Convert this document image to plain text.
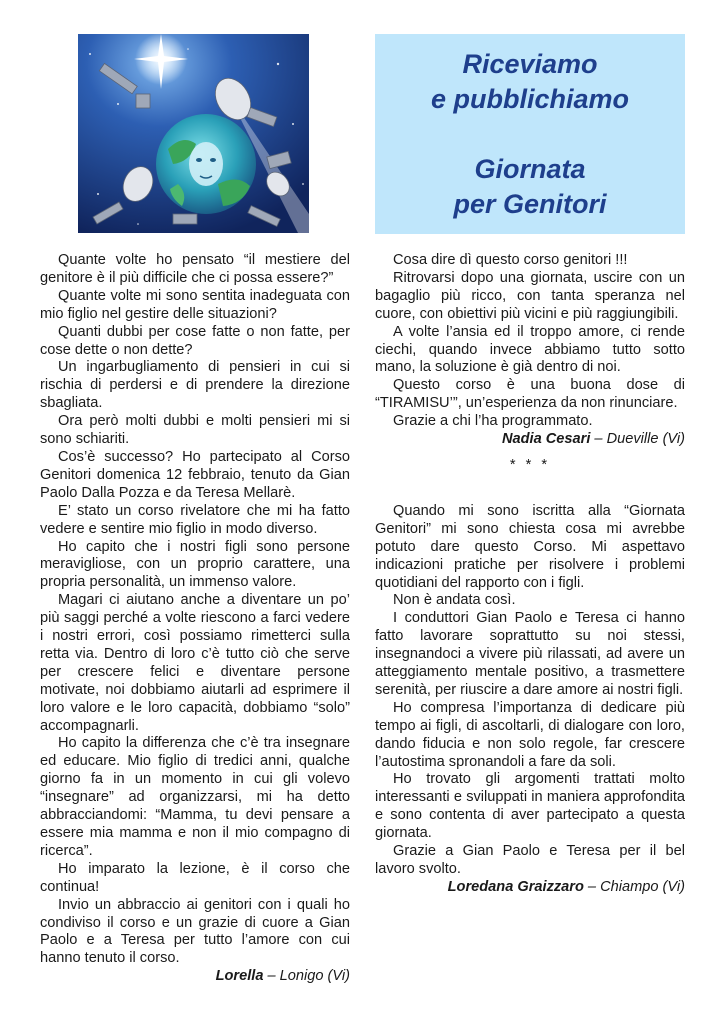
Riceviamo
e pubblichiamo
Giornata
per Genitori

Quante volte ho pensato “il mestiere del genitore è il più difficile che ci possa essere?”

Quante volte mi sono sentita inadeguata con mio figlio nel gestire delle situazioni?

Quanti dubbi per cose fatte o non fatte, per cose dette o non dette?

Un ingarbugliamento di pensieri in cui si rischia di perdersi e di prendere la direzione sbagliata.

Ora però molti dubbi e molti pensieri mi si sono schiariti.

Cos’è successo? Ho partecipato al Corso Genitori domenica 12 febbraio, tenuto da Gian Paolo Dalla Pozza e da Teresa Mellarè.

E’ stato un corso rivelatore che mi ha fatto vedere e sentire mio figlio in modo diverso.

Ho capito che i nostri figli sono persone meravigliose, con un proprio carattere, una propria personalità, un immenso valore.

Magari ci aiutano anche a diventare un po’ più saggi perché a volte riescono a farci vedere i nostri errori, così possiamo rimetterci sulla retta via. Dentro di loro c’è tutto ciò che serve per crescere felici e diventare persone motivate, noi dobbiamo aiutarli ad esprimere il loro valore e le loro capacità, dobbiamo “solo” accompagnarli.

Ho capito la differenza che c’è tra insegnare ed educare. Mio figlio di tredici anni, qualche giorno fa in un momento in cui gli volevo “insegnare” ad organizzarsi, mi ha detto abbracciandomi: “Mamma, tu devi pensare a essere mia mamma e non il mio compagno di ricerca”.

Ho imparato la lezione, è il corso che continua!

Invio un abbraccio ai genitori con i quali ho condiviso il corso e un grazie di cuore a Gian Paolo e a Teresa per tutto l’amore con cui hanno tenuto il corso.

Lorella – Lonigo (Vi)

Cosa dire dì questo corso genitori !!!

Ritrovarsi dopo una giornata, uscire con un bagaglio più ricco, con tanta speranza nel cuore, con obiettivi più vicini e più raggiungibili.

A volte l’ansia ed il troppo amore, ci rende ciechi, quando invece abbiamo tutto sotto mano, la soluzione è già dentro di noi.

Questo corso è una buona dose di “TIRAMISU’”, un’esperienza da non rinunciare.

Grazie a chi l’ha programmato.

Nadia Cesari – Dueville (Vi)

* * *

Quando mi sono iscritta alla “Giornata Genitori” mi sono chiesta cosa mi avrebbe potuto dare questo Corso. Mi aspettavo indicazioni pratiche per risolvere i problemi quotidiani del rapporto con i figli.

Non è andata così.

I conduttori Gian Paolo e Teresa ci hanno fatto lavorare soprattutto su noi stessi, insegnandoci a vivere più rilassati, ad avere un atteggiamento mentale positivo, a trasmettere serenità, per riuscire a dare amore ai nostri figli.

Ho compresa l’importanza di dedicare più tempo ai figli, di ascoltarli, di dialogare con loro, dando fiducia e non solo regole, far crescere l’autostima spronandoli a fare da soli.

Ho trovato gli argomenti trattati molto interessanti e sviluppati in maniera approfondita e sono contenta di aver partecipato a questa giornata.

Grazie a Gian Paolo e Teresa per il bel lavoro svolto.

Loredana Graizzaro – Chiampo (Vi)
